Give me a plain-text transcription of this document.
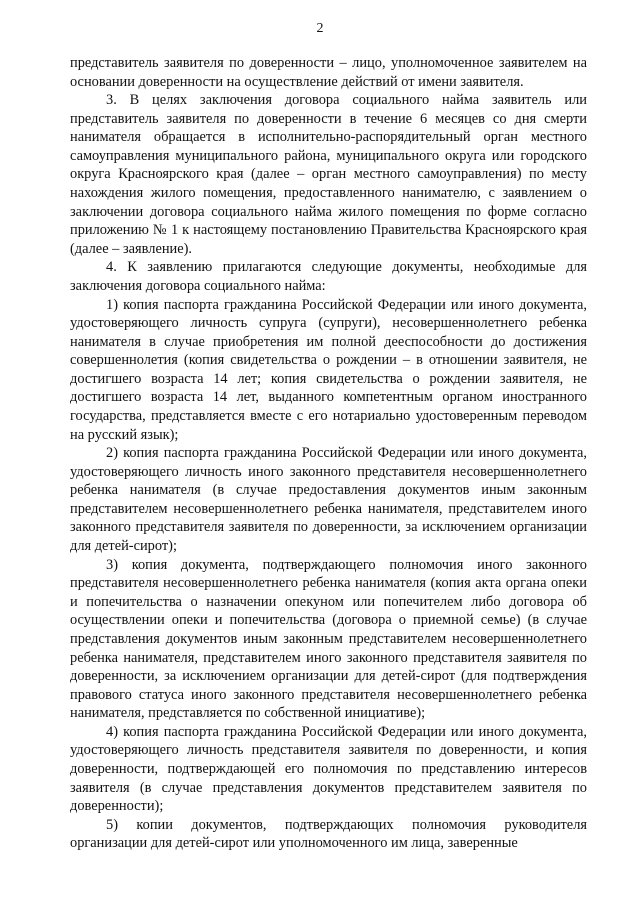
2

представитель заявителя по доверенности – лицо, уполномоченное заявителем на основании доверенности на осуществление действий от имени заявителя.

3. В целях заключения договора социального найма заявитель или представитель заявителя по доверенности в течение 6 месяцев со дня смерти нанимателя обращается в исполнительно-распорядительный орган местного самоуправления муниципального района, муниципального округа или городского округа Красноярского края (далее – орган местного самоуправления) по месту нахождения жилого помещения, предоставленного нанимателю, с заявлением о заключении договора социального найма жилого помещения по форме согласно приложению № 1 к настоящему постановлению Правительства Красноярского края (далее – заявление).

4. К заявлению прилагаются следующие документы, необходимые для заключения договора социального найма:

1) копия паспорта гражданина Российской Федерации или иного документа, удостоверяющего личность супруга (супруги), несовершеннолетнего ребенка нанимателя в случае приобретения им полной дееспособности до достижения совершеннолетия (копия свидетельства о рождении – в отношении заявителя, не достигшего возраста 14 лет; копия свидетельства о рождении заявителя, не достигшего возраста 14 лет, выданного компетентным органом иностранного государства, представляется вместе с его нотариально удостоверенным переводом на русский язык);

2) копия паспорта гражданина Российской Федерации или иного документа, удостоверяющего личность иного законного представителя несовершеннолетнего ребенка нанимателя (в случае предоставления документов иным законным представителем несовершеннолетнего ребенка нанимателя, представителем иного законного представителя заявителя по доверенности, за исключением организации для детей-сирот);

3) копия документа, подтверждающего полномочия иного законного представителя несовершеннолетнего ребенка нанимателя (копия акта органа опеки и попечительства о назначении опекуном или попечителем либо договора об осуществлении опеки и попечительства (договора о приемной семье) (в случае представления документов иным законным представителем несовершеннолетнего ребенка нанимателя, представителем иного законного представителя заявителя по доверенности, за исключением организации для детей-сирот (для подтверждения правового статуса иного законного представителя несовершеннолетнего ребенка нанимателя, представляется по собственной инициативе);

4) копия паспорта гражданина Российской Федерации или иного документа, удостоверяющего личность представителя заявителя по доверенности, и копия доверенности, подтверждающей его полномочия по представлению интересов заявителя (в случае представления документов представителем заявителя по доверенности);

5) копии документов, подтверждающих полномочия руководителя организации для детей-сирот или уполномоченного им лица, заверенные
